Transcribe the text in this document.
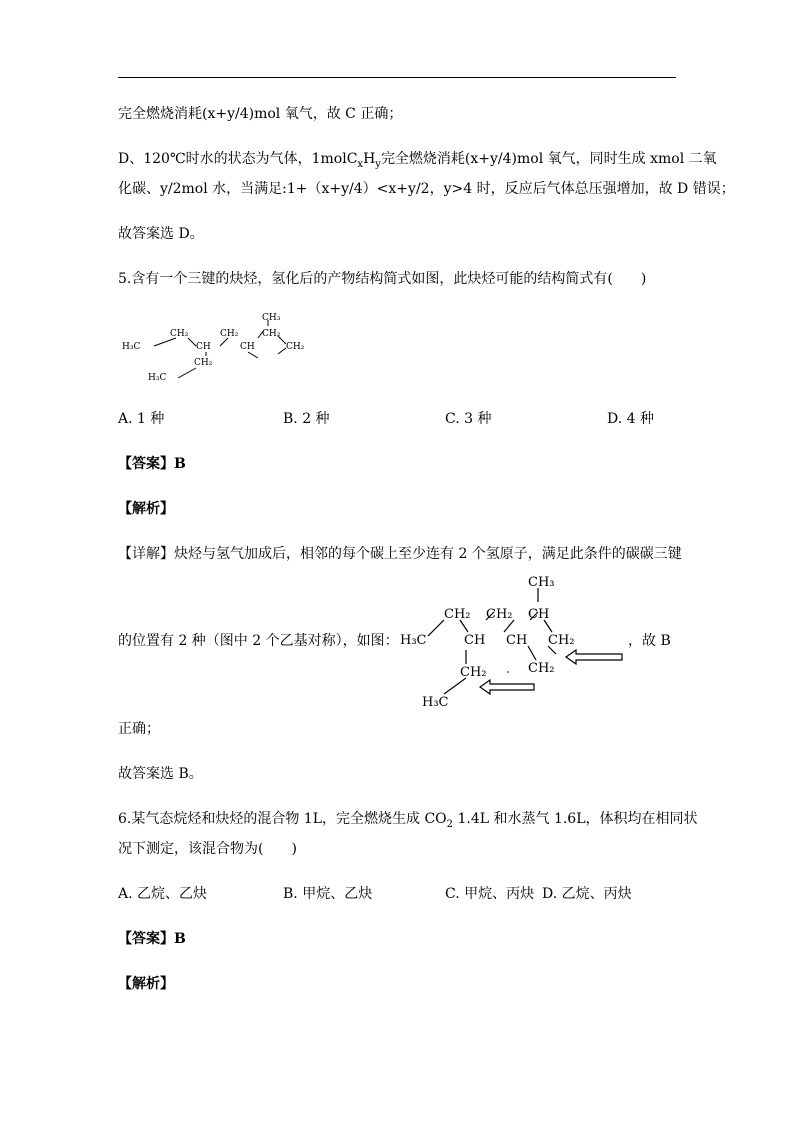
完全燃烧消耗(x+y/4)mol 氧气，故 C 正确；
D、120℃时水的状态为气体，$1molC_xH_y$完全燃烧消耗(x+y/4)mol 氧气，同时生成 xmol 二氧
化碳、y/2mol 水，当满足:1+（x+y/4）<x+y/2，y>4 时，反应后气体总压强增加，故 D 错误；
故答案选 D。
5.含有一个三键的炔烃，氢化后的产物结构简式如图，此炔烃可能的结构简式有(　　)
H₃C
CH₂	CH₂
CH₃
CH	CH
CH₂
CH₂
CH₂
H₃C
A. 1 种	B. 2 种	C. 3 种	D. 4 种
【答案】B
【解析】
【详解】炔烃与氢气加成后，相邻的每个碳上至少连有 2 个氢原子，满足此条件的碳碳三键
的位置有 2 种（图中 2 个乙基对称），如图：	，故 B
CH₃
CH₂ CH₂ CH
H₃C	CH CH CH₂
CH₂
CH₂
H₃C
正确；
故答案选 B。
6.某气态烷烃和炔烃的混合物 1L，完全燃烧生成 $CO_2$ 1.4L 和水蒸气 1.6L，体积均在相同状
况下测定，该混合物为(　　)
A. 乙烷、乙炔	B. 甲烷、乙炔	C. 甲烷、丙炔 D. 乙烷、丙炔
【答案】B
【解析】
